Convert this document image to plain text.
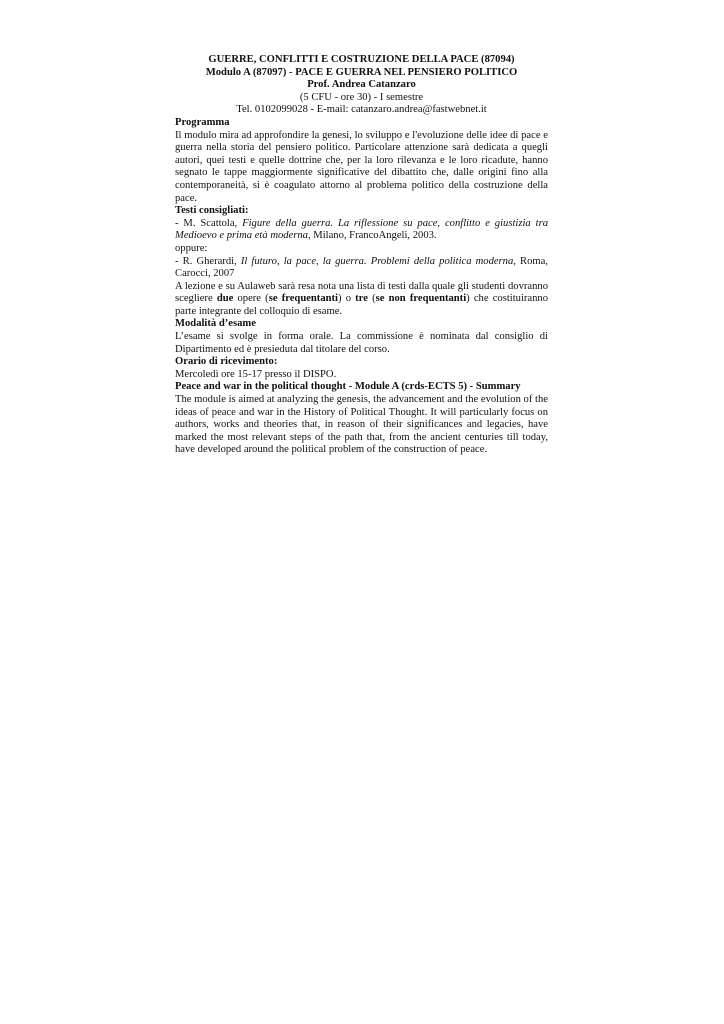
GUERRE, CONFLITTI E COSTRUZIONE DELLA PACE (87094)

Modulo A (87097) - PACE E GUERRA NEL PENSIERO POLITICO

Prof. Andrea Catanzaro

(5 CFU - ore 30) - I semestre

Tel. 0102099028 - E-mail: catanzaro.andrea@fastwebnet.it

Programma

Il modulo mira ad approfondire la genesi, lo sviluppo e l'evoluzione delle idee di pace e guerra nella storia del pensiero politico. Particolare attenzione sarà dedicata a quegli autori, quei testi e quelle dottrine che, per la loro rilevanza e le loro ricadute, hanno segnato le tappe maggiormente significative del dibattito che, dalle origini fino alla contemporaneità, si è coagulato attorno al problema politico della costruzione della pace.

Testi consigliati:

- M. Scattola, Figure della guerra. La riflessione su pace, conflitto e giustizia tra Medioevo e prima età moderna, Milano, FrancoAngeli, 2003.

oppure:

- R. Gherardi, Il futuro, la pace, la guerra. Problemi della politica moderna, Roma, Carocci, 2007

A lezione e su Aulaweb sarà resa nota una lista di testi dalla quale gli studenti dovranno scegliere due opere (se frequentanti) o tre (se non frequentanti) che costituiranno parte integrante del colloquio di esame.

Modalità d’esame

L’esame si svolge in forma orale. La commissione è nominata dal consiglio di Dipartimento ed è presieduta dal titolare del corso.

Orario di ricevimento:

Mercoledì ore 15-17 presso il DISPO.

Peace and war in the political thought - Module A (crds-ECTS 5) - Summary

The module is aimed at analyzing the genesis, the advancement and the evolution of the ideas of peace and war in the History of Political Thought. It will particularly focus on authors, works and theories that, in reason of their significances and legacies, have marked the most relevant steps of the path that, from the ancient centuries till today, have developed around the political problem of the construction of peace.
